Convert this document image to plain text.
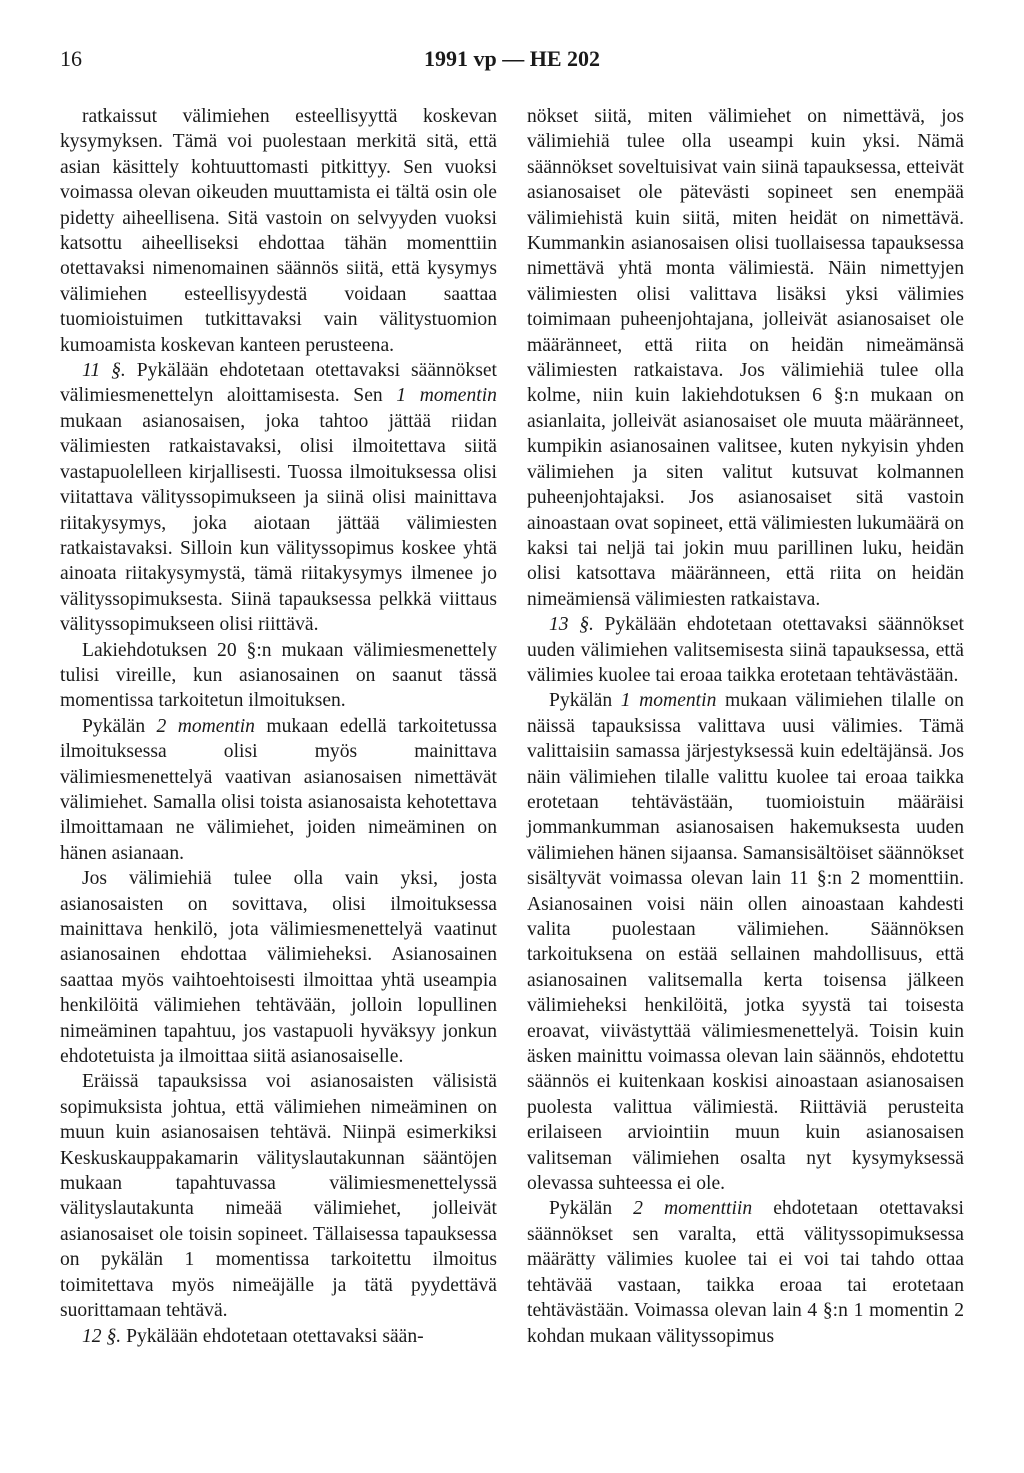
16	1991 vp — HE 202

ratkaissut välimiehen esteellisyyttä koskevan kysymyksen. Tämä voi puolestaan merkitä sitä, että asian käsittely kohtuuttomasti pitkittyy. Sen vuoksi voimassa olevan oikeuden muuttamista ei tältä osin ole pidetty aiheellisena. Sitä vastoin on selvyyden vuoksi katsottu aiheelliseksi ehdottaa tähän momenttiin otettavaksi nimenomainen säännös siitä, että kysymys välimiehen esteellisyydestä voidaan saattaa tuomioistuimen tutkittavaksi vain välitystuomion kumoamista koskevan kanteen perusteena.

11 §. Pykälään ehdotetaan otettavaksi säännökset välimiesmenettelyn aloittamisesta. Sen 1 momentin mukaan asianosaisen, joka tahtoo jättää riidan välimiesten ratkaistavaksi, olisi ilmoitettava siitä vastapuolelleen kirjallisesti. Tuossa ilmoituksessa olisi viitattava välityssopimukseen ja siinä olisi mainittava riitakysymys, joka aiotaan jättää välimiesten ratkaistavaksi. Silloin kun välityssopimus koskee yhtä ainoata riitakysymystä, tämä riitakysymys ilmenee jo välityssopimuksesta. Siinä tapauksessa pelkkä viittaus välityssopimukseen olisi riittävä.

Lakiehdotuksen 20 §:n mukaan välimiesmenettely tulisi vireille, kun asianosainen on saanut tässä momentissa tarkoitetun ilmoituksen.

Pykälän 2 momentin mukaan edellä tarkoitetussa ilmoituksessa olisi myös mainittava välimiesmenettelyä vaativan asianosaisen nimettävät välimiehet. Samalla olisi toista asianosaista kehotettava ilmoittamaan ne välimiehet, joiden nimeäminen on hänen asianaan.

Jos välimiehiä tulee olla vain yksi, josta asianosaisten on sovittava, olisi ilmoituksessa mainittava henkilö, jota välimiesmenettelyä vaatinut asianosainen ehdottaa välimieheksi. Asianosainen saattaa myös vaihtoehtoisesti ilmoittaa yhtä useampia henkilöitä välimiehen tehtävään, jolloin lopullinen nimeäminen tapahtuu, jos vastapuoli hyväksyy jonkun ehdotetuista ja ilmoittaa siitä asianosaiselle.

Eräissä tapauksissa voi asianosaisten välisistä sopimuksista johtua, että välimiehen nimeäminen on muun kuin asianosaisen tehtävä. Niinpä esimerkiksi Keskuskauppakamarin välityslautakunnan sääntöjen mukaan tapahtuvassa välimiesmenettelyssä välityslautakunta nimeää välimiehet, jolleivät asianosaiset ole toisin sopineet. Tällaisessa tapauksessa on pykälän 1 momentissa tarkoitettu ilmoitus toimitettava myös nimeäjälle ja tätä pyydettävä suorittamaan tehtävä.

12 §. Pykälään ehdotetaan otettavaksi sään-

nökset siitä, miten välimiehet on nimettävä, jos välimiehiä tulee olla useampi kuin yksi. Nämä säännökset soveltuisivat vain siinä tapauksessa, etteivät asianosaiset ole pätevästi sopineet sen enempää välimiehistä kuin siitä, miten heidät on nimettävä. Kummankin asianosaisen olisi tuollaisessa tapauksessa nimettävä yhtä monta välimiestä. Näin nimettyjen välimiesten olisi valittava lisäksi yksi välimies toimimaan puheenjohtajana, jolleivät asianosaiset ole määränneet, että riita on heidän nimeämänsä välimiesten ratkaistava. Jos välimiehiä tulee olla kolme, niin kuin lakiehdotuksen 6 §:n mukaan on asianlaita, jolleivät asianosaiset ole muuta määränneet, kumpikin asianosainen valitsee, kuten nykyisin yhden välimiehen ja siten valitut kutsuvat kolmannen puheenjohtajaksi. Jos asianosaiset sitä vastoin ainoastaan ovat sopineet, että välimiesten lukumäärä on kaksi tai neljä tai jokin muu parillinen luku, heidän olisi katsottava määränneen, että riita on heidän nimeämiensä välimiesten ratkaistava.

13 §. Pykälään ehdotetaan otettavaksi säännökset uuden välimiehen valitsemisesta siinä tapauksessa, että välimies kuolee tai eroaa taikka erotetaan tehtävästään.

Pykälän 1 momentin mukaan välimiehen tilalle on näissä tapauksissa valittava uusi välimies. Tämä valittaisiin samassa järjestyksessä kuin edeltäjänsä. Jos näin välimiehen tilalle valittu kuolee tai eroaa taikka erotetaan tehtävästään, tuomioistuin määräisi jommankumman asianosaisen hakemuksesta uuden välimiehen hänen sijaansa. Samansisältöiset säännökset sisältyvät voimassa olevan lain 11 §:n 2 momenttiin. Asianosainen voisi näin ollen ainoastaan kahdesti valita puolestaan välimiehen. Säännöksen tarkoituksena on estää sellainen mahdollisuus, että asianosainen valitsemalla kerta toisensa jälkeen välimieheksi henkilöitä, jotka syystä tai toisesta eroavat, viivästyttää välimiesmenettelyä. Toisin kuin äsken mainittu voimassa olevan lain säännös, ehdotettu säännös ei kuitenkaan koskisi ainoastaan asianosaisen puolesta valittua välimiestä. Riittäviä perusteita erilaiseen arviointiin muun kuin asianosaisen valitseman välimiehen osalta nyt kysymyksessä olevassa suhteessa ei ole.

Pykälän 2 momenttiin ehdotetaan otettavaksi säännökset sen varalta, että välityssopimuksessa määrätty välimies kuolee tai ei voi tai tahdo ottaa tehtävää vastaan, taikka eroaa tai erotetaan tehtävästään. Voimassa olevan lain 4 §:n 1 momentin 2 kohdan mukaan välityssopimus
